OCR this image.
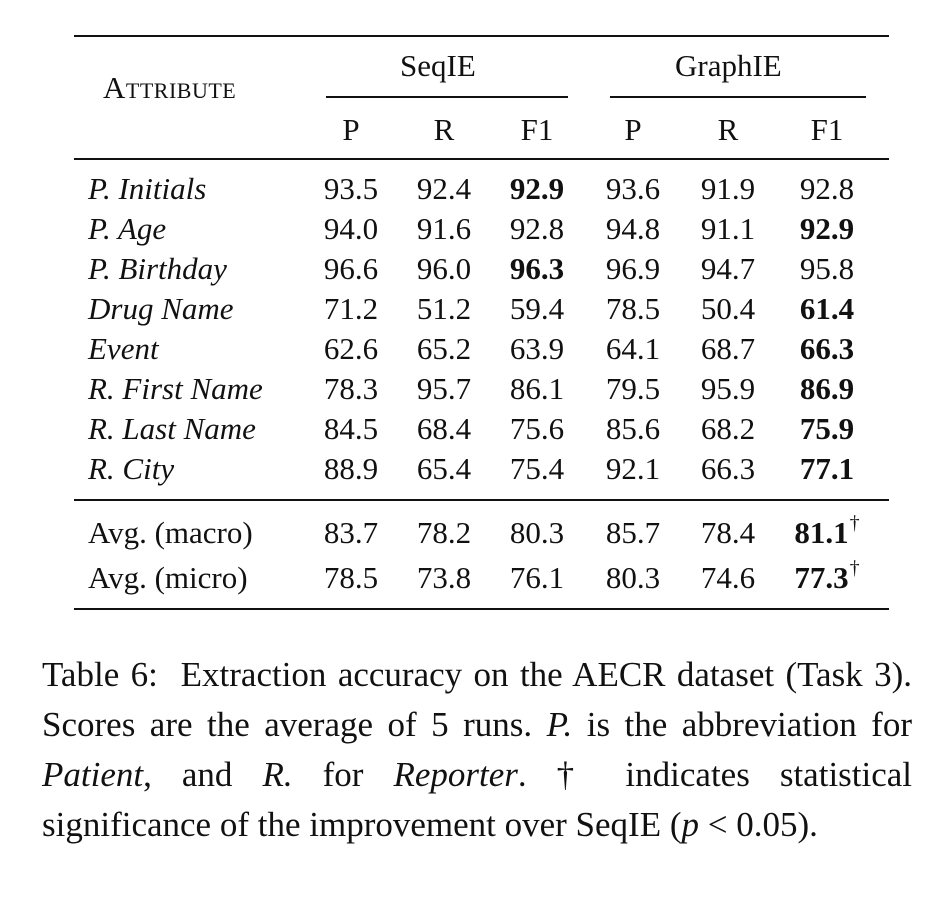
Attribute
SeqIE	GraphIE
P	R	F1	P	R	F1
P. Initials	93.5	92.4	92.9	93.6	91.9	92.8
P. Age	94.0	91.6	92.8	94.8	91.1	92.9
P. Birthday	96.6	96.0	96.3	96.9	94.7	95.8
Drug Name	71.2	51.2	59.4	78.5	50.4	61.4
Event	62.6	65.2	63.9	64.1	68.7	66.3
R. First Name	78.3	95.7	86.1	79.5	95.9	86.9
R. Last Name	84.5	68.4	75.6	85.6	68.2	75.9
R. City	88.9	65.4	75.4	92.1	66.3	77.1
Avg. (macro)	83.7	78.2	80.3	85.7	78.4	81.1†
Avg. (micro)	78.5	73.8	76.1	80.3	74.6	77.3†
Table 6: Extraction accuracy on the AECR dataset (Task 3). Scores are the average of 5 runs. P. is the abbreviation for Patient, and R. for Reporter. † indicates statistical significance of the improvement over SeqIE (p < 0.05).
